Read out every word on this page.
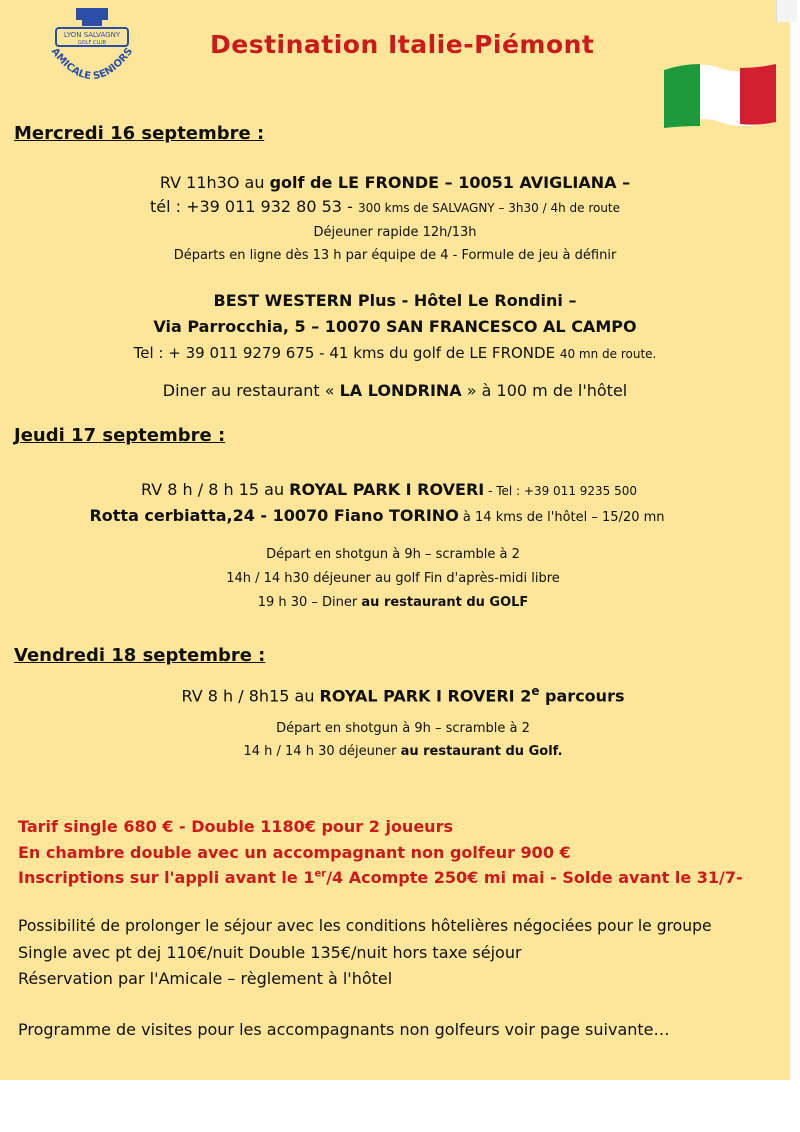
LYON SALVAGNY
GOLF CLUB
AMICALE SENIORS	Destination Italie-Piémont
Mercredi 16 septembre :
RV 11h3O au golf de LE FRONDE – 10051 AVIGLIANA –
tél : +39 011 932 80 53 - 300 kms de SALVAGNY – 3h30 / 4h de route
Déjeuner rapide 12h/13h
Départs en ligne dès 13 h par équipe de 4 - Formule de jeu à définir
BEST WESTERN Plus - Hôtel Le Rondini –
Via Parrocchia, 5 – 10070 SAN FRANCESCO AL CAMPO
Tel : + 39 011 9279 675 - 41 kms du golf de LE FRONDE 40 mn de route.
Diner au restaurant « LA LONDRINA » à 100 m de l'hôtel
Jeudi 17 septembre :
RV 8 h / 8 h 15 au ROYAL PARK I ROVERI - Tel : +39 011 9235 500
Rotta cerbiatta,24 - 10070 Fiano TORINO à 14 kms de l'hôtel – 15/20 mn
Départ en shotgun à 9h – scramble à 2
14h / 14 h30 déjeuner au golf Fin d'après-midi libre
19 h 30 – Diner au restaurant du GOLF
Vendredi 18 septembre :
RV 8 h / 8h15 au ROYAL PARK I ROVERI 2e parcours
Départ en shotgun à 9h – scramble à 2
14 h / 14 h 30 déjeuner au restaurant du Golf.
Tarif single 680 € - Double 1180€ pour 2 joueurs
En chambre double avec un accompagnant non golfeur 900 €
Inscriptions sur l'appli avant le 1er/4 Acompte 250€ mi mai - Solde avant le 31/7-
Possibilité de prolonger le séjour avec les conditions hôtelières négociées pour le groupe
Single avec pt dej 110€/nuit Double 135€/nuit hors taxe séjour
Réservation par l'Amicale – règlement à l'hôtel
Programme de visites pour les accompagnants non golfeurs voir page suivante…
